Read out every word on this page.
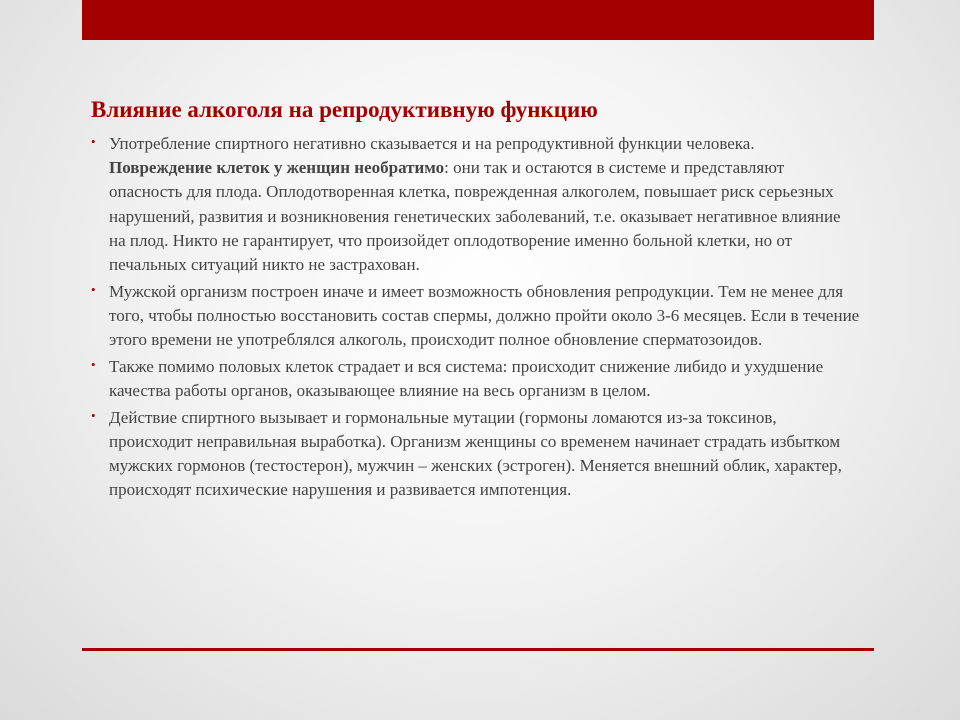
Влияние алкоголя на репродуктивную функцию
• Употребление спиртного негативно сказывается и на репродуктивной функции человека. Повреждение клеток у женщин необратимо: они так и остаются в системе и представляют опасность для плода. Оплодотворенная клетка, поврежденная алкоголем, повышает риск серьезных нарушений, развития и возникновения генетических заболеваний, т.е. оказывает негативное влияние на плод. Никто не гарантирует, что произойдет оплодотворение именно больной клетки, но от печальных ситуаций никто не застрахован.
• Мужской организм построен иначе и имеет возможность обновления репродукции. Тем не менее для того, чтобы полностью восстановить состав спермы, должно пройти около 3-6 месяцев. Если в течение этого времени не употреблялся алкоголь, происходит полное обновление сперматозоидов.
• Также помимо половых клеток страдает и вся система: происходит снижение либидо и ухудшение качества работы органов, оказывающее влияние на весь организм в целом.
• Действие спиртного вызывает и гормональные мутации (гормоны ломаются из-за токсинов, происходит неправильная выработка). Организм женщины со временем начинает страдать избытком мужских гормонов (тестостерон), мужчин – женских (эстроген). Меняется внешний облик, характер, происходят психические нарушения и развивается импотенция.
